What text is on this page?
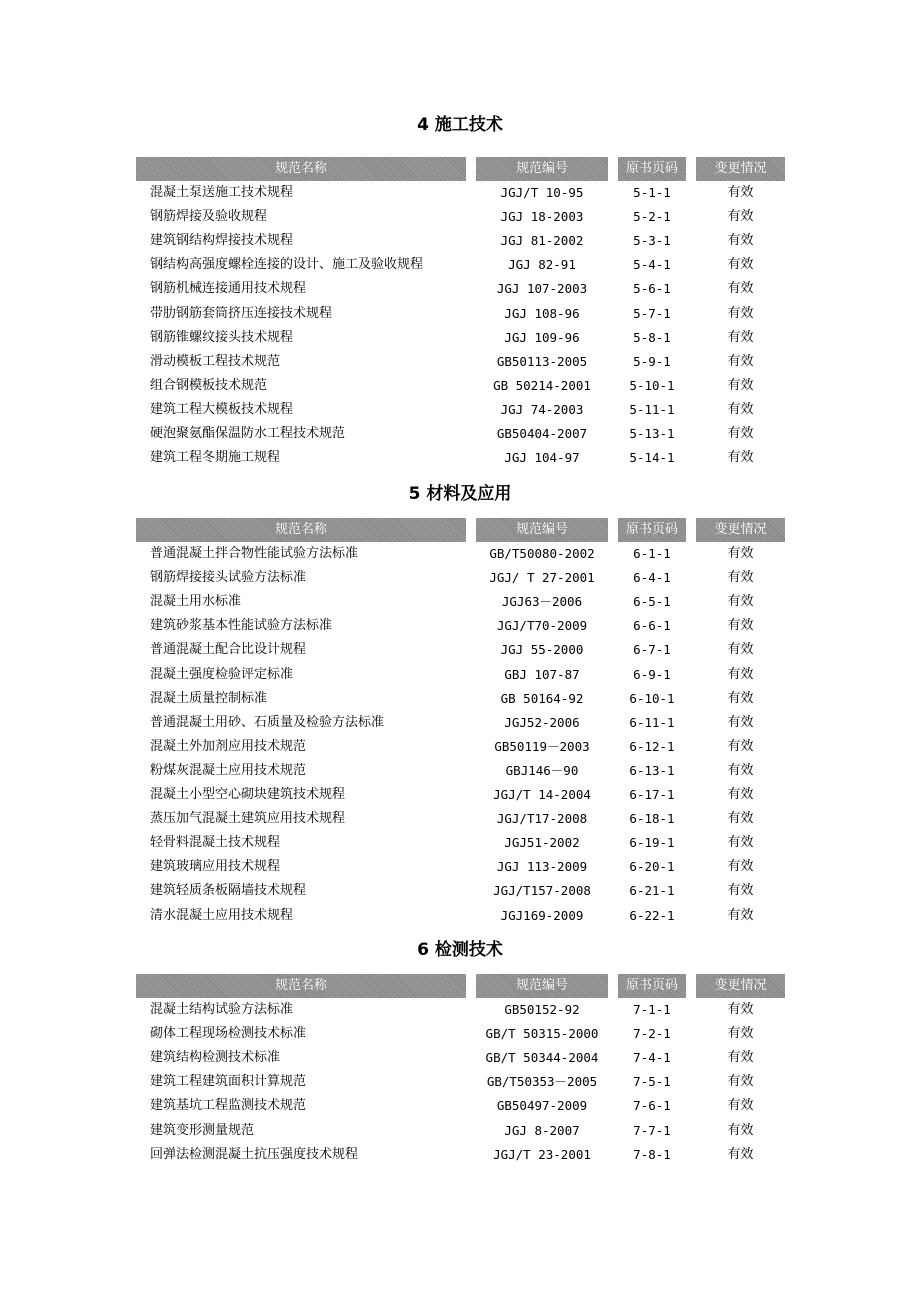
4 施工技术
规范名称	规范编号	原书页码	变更情况
混凝土泵送施工技术规程	JGJ/T 10-95	5-1-1	有效
钢筋焊接及验收规程	JGJ 18-2003	5-2-1	有效
建筑钢结构焊接技术规程	JGJ 81-2002	5-3-1	有效
钢结构高强度螺栓连接的设计、施工及验收规程	JGJ 82-91	5-4-1	有效
钢筋机械连接通用技术规程	JGJ 107-2003	5-6-1	有效
带肋钢筋套筒挤压连接技术规程	JGJ 108-96	5-7-1	有效
钢筋锥螺纹接头技术规程	JGJ 109-96	5-8-1	有效
滑动模板工程技术规范	GB50113-2005	5-9-1	有效
组合钢模板技术规范	GB 50214-2001	5-10-1	有效
建筑工程大模板技术规程	JGJ 74-2003	5-11-1	有效
硬泡聚氨酯保温防水工程技术规范	GB50404-2007	5-13-1	有效
建筑工程冬期施工规程	JGJ 104-97	5-14-1	有效
5 材料及应用
规范名称	规范编号	原书页码	变更情况
普通混凝土拌合物性能试验方法标准	GB/T50080-2002	6-1-1	有效
钢筋焊接接头试验方法标准	JGJ/ T 27-2001	6-4-1	有效
混凝土用水标准	JGJ63－2006	6-5-1	有效
建筑砂浆基本性能试验方法标准	JGJ/T70-2009	6-6-1	有效
普通混凝土配合比设计规程	JGJ 55-2000	6-7-1	有效
混凝土强度检验评定标准	GBJ 107-87	6-9-1	有效
混凝土质量控制标准	GB 50164-92	6-10-1	有效
普通混凝土用砂、石质量及检验方法标准	JGJ52-2006	6-11-1	有效
混凝土外加剂应用技术规范	GB50119－2003	6-12-1	有效
粉煤灰混凝土应用技术规范	GBJ146－90	6-13-1	有效
混凝土小型空心砌块建筑技术规程	JGJ/T 14-2004	6-17-1	有效
蒸压加气混凝土建筑应用技术规程	JGJ/T17-2008	6-18-1	有效
轻骨料混凝土技术规程	JGJ51-2002	6-19-1	有效
建筑玻璃应用技术规程	JGJ 113-2009	6-20-1	有效
建筑轻质条板隔墙技术规程	JGJ/T157-2008	6-21-1	有效
清水混凝土应用技术规程	JGJ169-2009	6-22-1	有效
6 检测技术
规范名称	规范编号	原书页码	变更情况
混凝土结构试验方法标准	GB50152-92	7-1-1	有效
砌体工程现场检测技术标准	GB/T 50315-2000	7-2-1	有效
建筑结构检测技术标准	GB/T 50344-2004	7-4-1	有效
建筑工程建筑面积计算规范	GB/T50353－2005	7-5-1	有效
建筑基坑工程监测技术规范	GB50497-2009	7-6-1	有效
建筑变形测量规范	JGJ 8-2007	7-7-1	有效
回弹法检测混凝土抗压强度技术规程	JGJ/T 23-2001	7-8-1	有效
